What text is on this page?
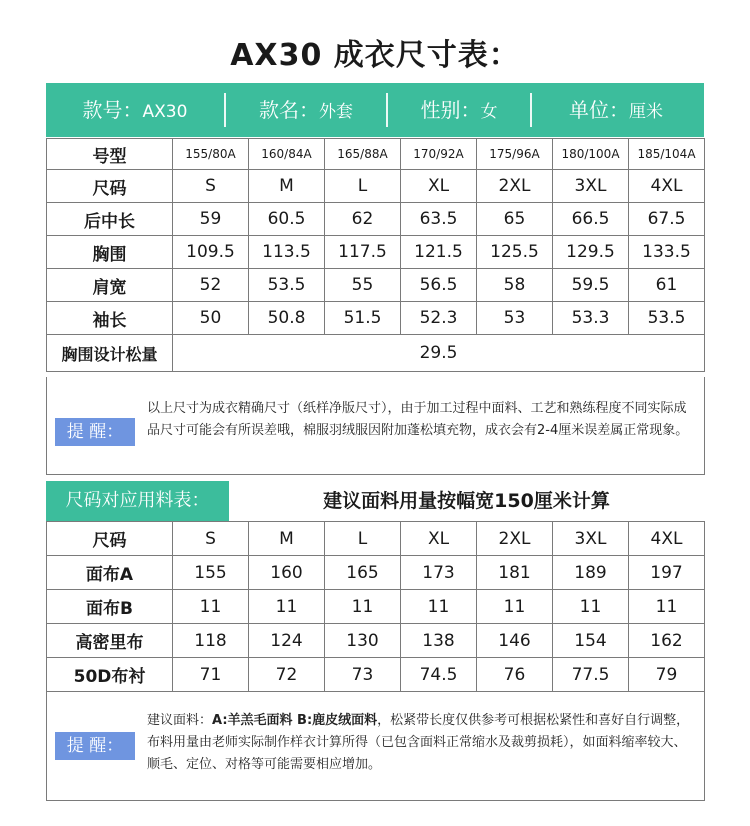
AX30 成衣尺寸表：
款号：AX30	款名：外套	性别：女	单位：厘米
号型	155/80A	160/84A	165/88A	170/92A	175/96A	180/100A	185/104A
尺码	S	M	L	XL	2XL	3XL	4XL
后中长	59	60.5	62	63.5	65	66.5	67.5
胸围	109.5	113.5	117.5	121.5	125.5	129.5	133.5
肩宽	52	53.5	55	56.5	58	59.5	61
袖长	50	50.8	51.5	52.3	53	53.3	53.5
胸围设计松量	29.5						
提 醒：
以上尺寸为成衣精确尺寸（纸样净版尺寸），由于加工过程中面料、工艺和熟练程度不同实际成品尺寸可能会有所误差哦，棉服羽绒服因附加蓬松填充物，成衣会有2-4厘米误差属正常现象。
尺码对应用料表：	建议面料用量按幅宽150厘米计算
尺码	S	M	L	XL	2XL	3XL	4XL
面布A	155	160	165	173	181	189	197
面布B	11	11	11	11	11	11	11
高密里布	118	124	130	138	146	154	162
50D布衬	71	72	73	74.5	76	77.5	79
提 醒：
建议面料：A:羊羔毛面料 B:鹿皮绒面料，松紧带长度仅供参考可根据松紧性和喜好自行调整，布料用量由老师实际制作样衣计算所得（已包含面料正常缩水及裁剪损耗），如面料缩率较大、顺毛、定位、对格等可能需要相应增加。
